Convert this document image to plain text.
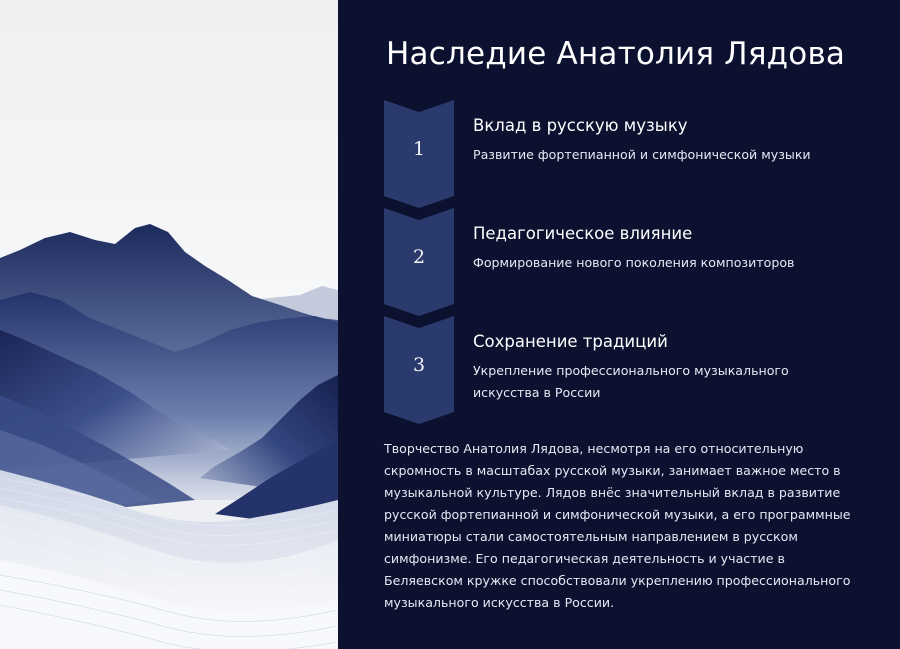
Наследие Анатолия Лядова
1
Вклад в русскую музыку
Развитие фортепианной и симфонической музыки
2
Педагогическое влияние
Формирование нового поколения композиторов
3
Сохранение традиций
Укрепление профессионального музыкального искусства в России

Творчество Анатолия Лядова, несмотря на его относительную скромность в масштабах русской музыки, занимает важное место в музыкальной культуре. Лядов внёс значительный вклад в развитие русской фортепианной и симфонической музыки, а его программные миниатюры стали самостоятельным направлением в русском симфонизме. Его педагогическая деятельность и участие в Беляевском кружке способствовали укреплению профессионального музыкального искусства в России.
